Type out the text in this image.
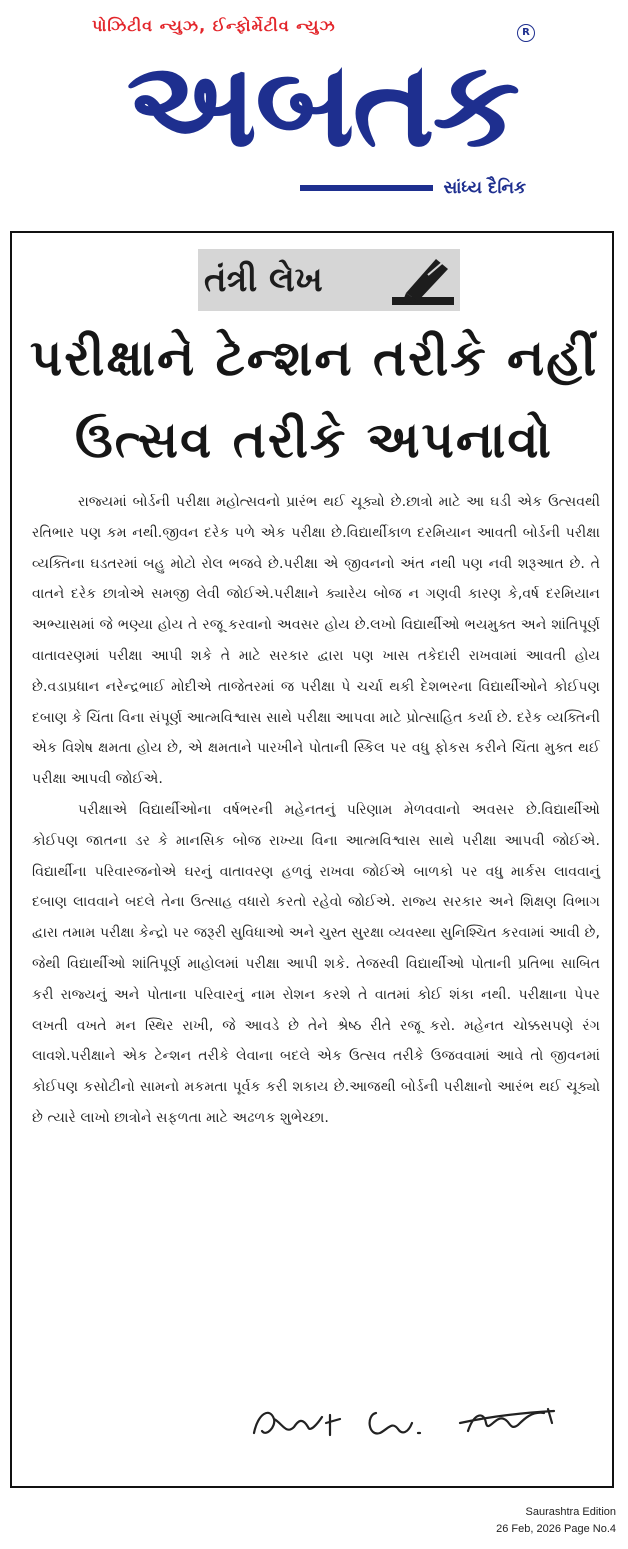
પોઝિટીવ ન્યુઝ, ઈન્ફોર્મેટીવ ન્યુઝ
અબતક
R
સાંધ્ય દૈનિક
તંત્રી લેખ
પરીક્ષાને ટેન્શન તરીકે નહીં
ઉત્સવ તરીકે અપનાવો

રાજ્યમાં બોર્ડની પરીક્ષા મહોત્સવનો પ્રારંભ થઈ ચૂક્યો છે.છાત્રો માટે આ ઘડી એક ઉત્સવથી રતિભાર પણ કમ નથી.જીવન દરેક પળે એક પરીક્ષા છે.વિદ્યાર્થીકાળ દરમિયાન આવતી બોર્ડની પરીક્ષા વ્યક્તિના ઘડતરમાં બહુ મોટો રોલ ભજવે છે.પરીક્ષા એ જીવનનો અંત નથી પણ નવી શરૂઆત છે. તે વાતને દરેક છાત્રોએ સમજી લેવી જોઈએ.પરીક્ષાને ક્યારેય બોજ ન ગણવી કારણ કે,વર્ષ દરમિયાન અભ્યાસમાં જે ભણ્યા હોય તે રજૂ કરવાનો અવસર હોય છે.લખો વિદ્યાર્થીઓ ભયમુક્ત અને શાંતિપૂર્ણ વાતાવરણમાં પરીક્ષા આપી શકે તે માટે સરકાર દ્વારા પણ ખાસ તકેદારી રાખવામાં આવતી હોય છે.વડાપ્રધાન નરેન્દ્રભાઈ મોદીએ તાજેતરમાં જ પરીક્ષા પે ચર્ચા થકી દેશભરના વિદ્યાર્થીઓને કોઈપણ દબાણ કે ચિંતા વિના સંપૂર્ણ આત્મવિશ્વાસ સાથે પરીક્ષા આપવા માટે પ્રોત્સાહિત કર્યા છે. દરેક વ્યક્તિની એક વિશેષ ક્ષમતા હોય છે, એ ક્ષમતાને પારખીને પોતાની સ્કિલ પર વધુ ફોકસ કરીને ચિંતા મુક્ત થઈ પરીક્ષા આપવી જોઈએ.

પરીક્ષાએ વિદ્યાર્થીઓના વર્ષભરની મહેનતનું પરિણામ મેળવવાનો અવસર છે.વિદ્યાર્થીઓ કોઈપણ જાતના ડર કે માનસિક બોજ રાખ્યા વિના આત્મવિશ્વાસ સાથે પરીક્ષા આપવી જોઈએ. વિદ્યાર્થીના પરિવારજનોએ ઘરનું વાતાવરણ હળવું રાખવા જોઈએ બાળકો પર વધુ માર્કસ લાવવાનું દબાણ લાવવાને બદલે તેના ઉત્સાહ વધારો કરતો રહેવો જોઈએ. રાજ્ય સરકાર અને શિક્ષણ વિભાગ દ્વારા તમામ પરીક્ષા કેન્દ્રો પર જરૂરી સુવિધાઓ અને ચુસ્ત સુરક્ષા વ્યવસ્થા સુનિશ્ચિત કરવામાં આવી છે, જેથી વિદ્યાર્થીઓ શાંતિપૂર્ણ માહોલમાં પરીક્ષા આપી શકે. તેજસ્વી વિદ્યાર્થીઓ પોતાની પ્રતિભા સાબિત કરી રાજ્યનું અને પોતાના પરિવારનું નામ રોશન કરશે તે વાતમાં કોઈ શંકા નથી. પરીક્ષાના પેપર લખતી વખતે મન સ્થિર રાખી, જે આવડે છે તેને શ્રેષ્ઠ રીતે રજૂ કરો. મહેનત ચોક્કસપણે રંગ લાવશે.પરીક્ષાને એક ટેન્શન તરીકે લેવાના બદલે એક ઉત્સવ તરીકે ઉજવવામાં આવે તો જીવનમાં કોઈપણ કસોટીનો સામનો મકમતા પૂર્વક કરી શકાય છે.આજથી બોર્ડની પરીક્ષાનો આરંભ થઈ ચૂક્યો છે ત્યારે લાખો છાત્રોને સફળતા માટે અઢળક શુભેચ્છા.

Saurashtra Edition
26 Feb, 2026 Page No.4
